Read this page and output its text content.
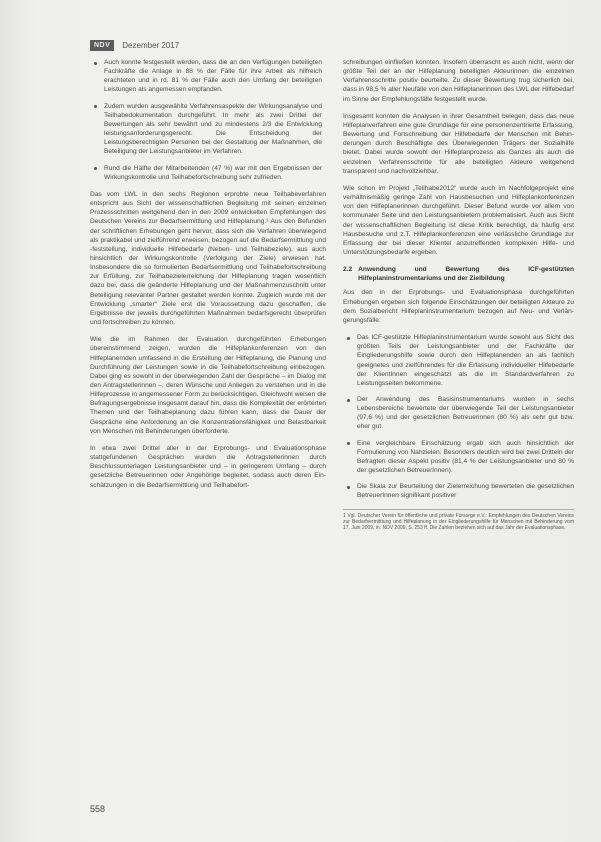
NDV	Dezember 2017
Auch konnte festgestellt werden, dass die an den Verfügungen beteiligten Fachkräfte die Anlage in 88 % der Fälle für ihre Arbeit als hilfreich erachteten und in rd. 81 % der Fälle auch den Umfang der beteiligten Leistungen als angemessen empfanden.
Zudem wurden ausgewählte Verfahrensaspekte der Wirkungsanalyse und Teilhabedokumentation durchgeführt. In mehr als zwei Drittel der Bewertungen als sehr bewährt und zu mindestens 2/3 die Entwicklung leistungsanforderungsgerecht. Die Entscheidung der Leistungsberechtigten Personen bei der Gestaltung der Maßnahmen, die Beteiligung der Leistungsanbieter im Verfahren.
Rund die Hälfte der Mitarbeitenden (47 %) war mit den Ergebnissen der Wirkungskontrolle und Teilhabefortschreibung sehr zufrieden.

Das vom LWL in den sechs Regionen erprobte neue Teilhabeverfahren entspricht aus Sicht der wissenschaftlichen Begleitung mit seinen einzelnen Prozessschritten weitgehend den in den 2009 entwickelten Empfehlungen des Deutschen Vereins zur Bedarfsermittlung und Hilfeplanung.¹ Aus den Befunden der schriftlichen Erhebungen geht hervor, dass sich die Verfahren überwiegend als praktikabel und zielführend erweisen, bezogen auf die Bedarfsermittlung und -feststellung, individuelle Hilfebedarfe (Neben- und Teilhabeziele), aus auch hinsichtlich der Wirkungskontrolle (Verfolgung der Ziele) erwiesen hat. Insbesondere die so formulierten Bedarfsermittlung und Teilhabefortschreibung zur Erfüllung, zur Teilhabezielerreichung der Hilfeplanung tragen wesentlich dazu bei, dass die geänderte Hilfeplanung und der Maßnahmenzuschnitt unter Beteiligung relevanter Partner gestaltet werden konnte. Zugleich wurde mit der Entwicklung „smarter“ Ziele erst die Voraussetzung dazu geschaffen, die Ergebnisse der jeweils durchgeführten Maßnahmen bedarfsgerecht überprüfen und fortschreiben zu können.

Wie die im Rahmen der Evaluation durchgeführten Erhebungen übereinstimmend zeigen, wurden die Hilfeplankonferenzen von den Hilfeplanernden umfassend in die Erstellung der Hilfeplanung, die Planung und Durchführung der Leistungen sowie in die Teilhabefortschreibung einbezogen. Dabei ging es sowohl in der überwiegenden Zahl der Gespräche – im Dialog mit den Antragstellerinnen –, deren Wünsche und Anliegen zu verstehen und in die Hilfeprozesse in angemessener Form zu berücksichtigen. Gleichwohl weisen die Befragungsergebnisse insgesamt darauf hin, dass die Komplexität der erörterten Themen und der Teilhabeplanung dazu führen kann, dass die Dauer der Gespräche eine Anforderung an die Konzentrationsfähigkeit und Belastbarkeit von Menschen mit Behinderungen überforderte.

In etwa zwei Drittel aller in der Erprobungs- und Evaluationsphase stattgefundenen Gesprächen wurden die Antragstellerinnen durch Beschlussunterlagen Leistungsanbieter und – in geringerem Umfang – durch gesetzliche Betreuerinnen oder Angehörige begleitet, sodass auch deren Einschätzungen in die Bedarfsermittlung und Teilhabefort-

schreibungen einfließen konnten. Insofern überrascht es auch nicht, wenn der größte Teil der an der Hilfeplanung beteiligten Akteurinnen die einzelnen Verfahrensschritte positiv beurteilte. Zu dieser Bewertung trug sicherlich bei, dass in 98,5 % aller Neufälle von den Hilfeplanerinnen des LWL der Hilfebedarf im Sinne der Empfehlungsfälle festgestellt wurde.

Insgesamt konnten die Analysen in ihrer Gesamtheit belegen, dass das neue Hilfeplanverfahren eine gute Grundlage für eine personenzentrierte Erfassung, Bewertung und Fortschreibung der Hilfebedarfe der Menschen mit Behinderungen durch Beschäftigte des Überwiegenden Trägers der Sozialhilfe bietet. Dabei wurde sowohl der Hilfeplanprozess als Ganzes als auch die einzelnen Verfahrensschritte für alle beteiligten Akteure weitgehend transparent und nachvollziehbar.

Wie schon im Projekt „Teilhabe2012“ wurde auch im Nachfolgeprojekt eine verhältnismäßig geringe Zahl von Hausbesuchen und Hilfeplankonferenzen von den Hilfeplanerinnen durchgeführt. Dieser Befund wurde vor allem von kommunaler Seite und den Leistungsanbietern problematisiert. Auch aus Sicht der wissenschaftlichen Begleitung ist diese Kritik berechtigt, da häufig erst Hausbesuche und z.T. Hilfeplankonferenzen eine verlässliche Grundlage zur Erfassung der bei dieser Klientel anzutreffenden komplexen Hilfe- und Unterstützungsbedarfe ergeben.

2.2 Anwendung und Bewertung des ICF-gestützten Hilfeplaninstrumentariums und der Zielbildung

Aus den in der Erprobungs- und Evaluationsphase durchgeführten Erhebungen ergeben sich folgende Einschätzungen der beteiligten Akteure zu dem Sozialbericht Hilfeplaninstrumentarium bezogen auf Neu- und Verlängerungsfälle:

Das ICF-gestützte Hilfeplaninstrumentarium wurde sowohl aus Sicht des größten Teils der Leistungsanbieter und der Fachkräfte der Eingliederungshilfe sowie durch den Hilfeplanenden an als fachlich geeignetes und zielführendes für die Erfassung individueller Hilfebedarfe der KlientInnen eingeschätzt als die im Standardverfahren zu Leistungsseiten bekommene.
Der Anwendung des Basisinstrumentariums wurden in sechs Lebensbereiche bewertete der überwiegende Teil der Leistungsanbieter (97,6 %) und der gesetzlichen Betreuerinnen (80 %) als sehr gut bzw. eher gut.
Eine vergleichbare Einschätzung ergab sich auch hinsichtlich der Formulierung von Nahzielen. Besonders deutlich wird bei zwei Dritteln der Befragten dieser Aspekt positiv (81,4 % der Leistungsanbieter und 80 % der gesetzlichen BetreuerInnen).
Die Skala zur Beurteilung der Zielerreichung bewerteten die gesetzlichen BetreuerInnen signifikant positiver
1 Vgl. Deutscher Verein für öffentliche und private Fürsorge e.V.: Empfehlungen des Deutschen Vereins zur Bedarfsermittlung und Hilfeplanung in der Eingliederungshilfe für Menschen mit Behinderung vom 17. Juni 2009, in: NDV 2009, S. 253 ff. Die Zahlen beziehen sich auf das Jahr der Evaluationsphase.
558
